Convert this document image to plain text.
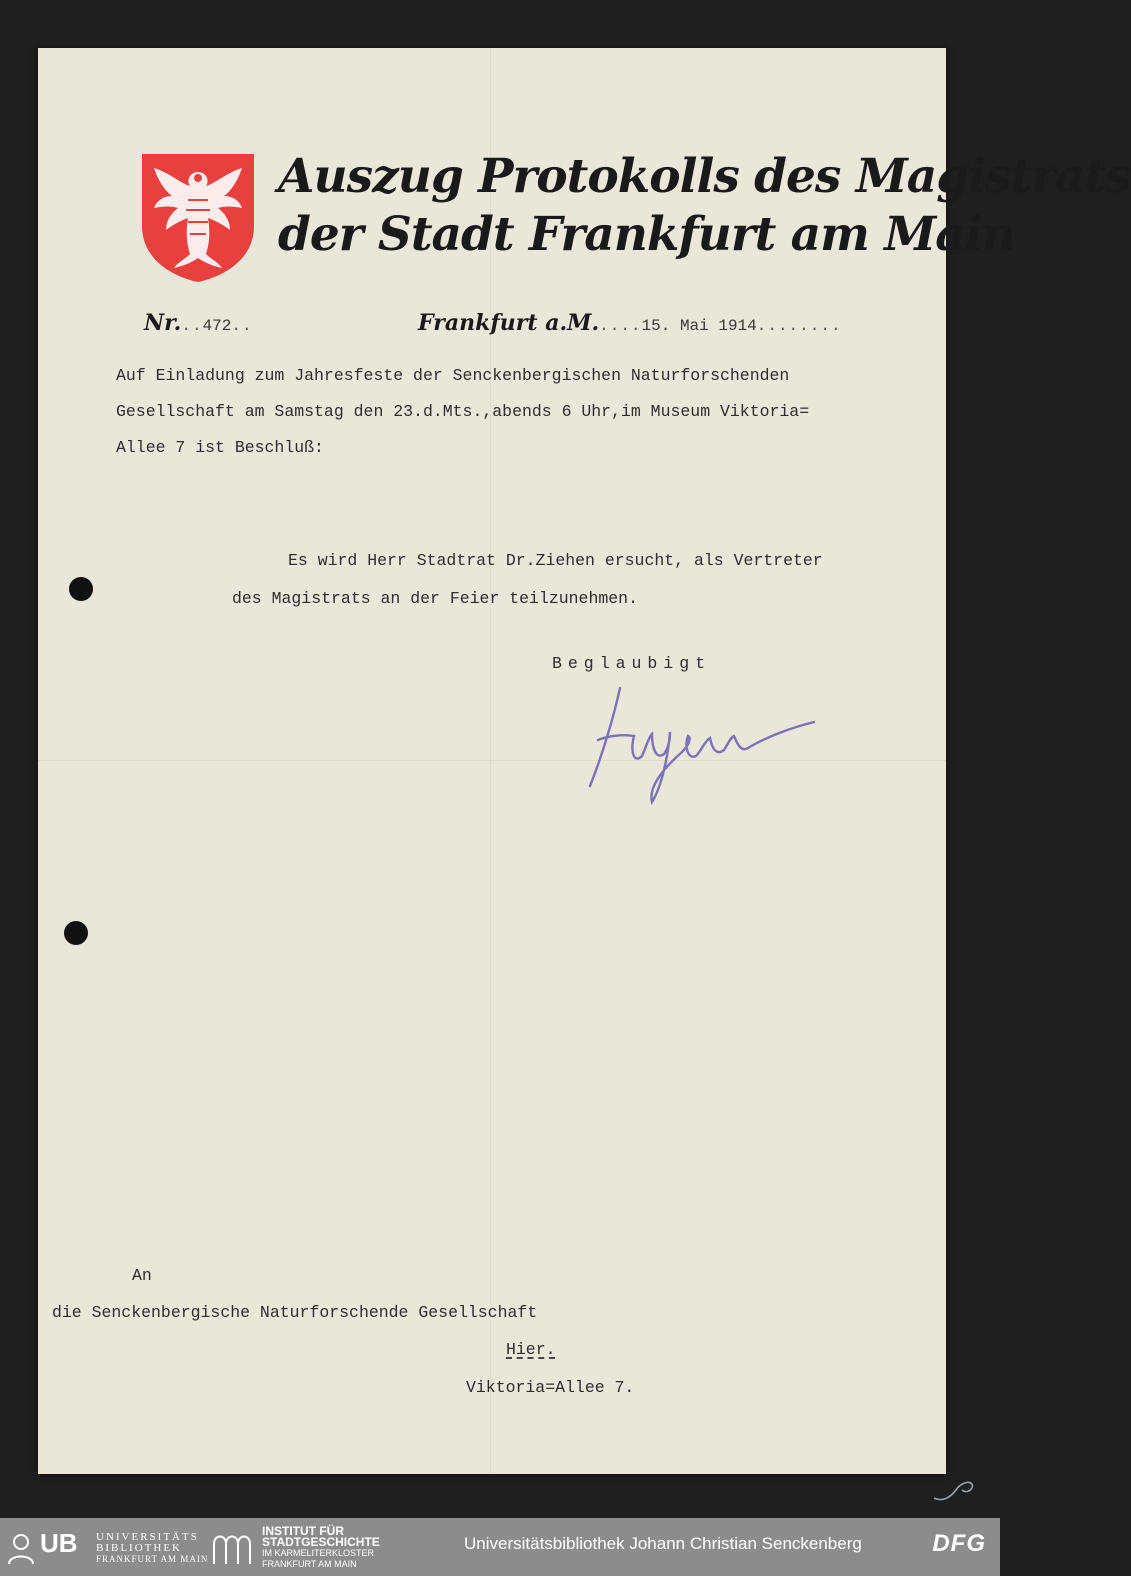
Auszug Protokolls des Magistrats
der Stadt Frankfurt am Main
Nr...472..	Frankfurt a.M.....15. Mai 1914........
Auf Einladung zum Jahresfeste der Senckenbergischen Naturforschenden
Gesellschaft am Samstag den 23.d.Mts.,abends 6 Uhr,im Museum Viktoria=
Allee 7 ist Beschluß:
Es wird Herr Stadtrat Dr.Ziehen ersucht, als Vertreter
des Magistrats an der Feier teilzunehmen.
Beglaubigt
An
die Senckenbergische Naturforschende Gesellschaft
Hier.
Viktoria=Allee 7.
UB UNIVERSITÄTS
BIBLIOTHEK
FRANKFURT AM MAIN
INSTITUT FÜR
STADTGESCHICHTE
IM KARMELITERKLOSTER
FRANKFURT AM MAIN
Universitätsbibliothek Johann Christian Senckenberg	DFG
